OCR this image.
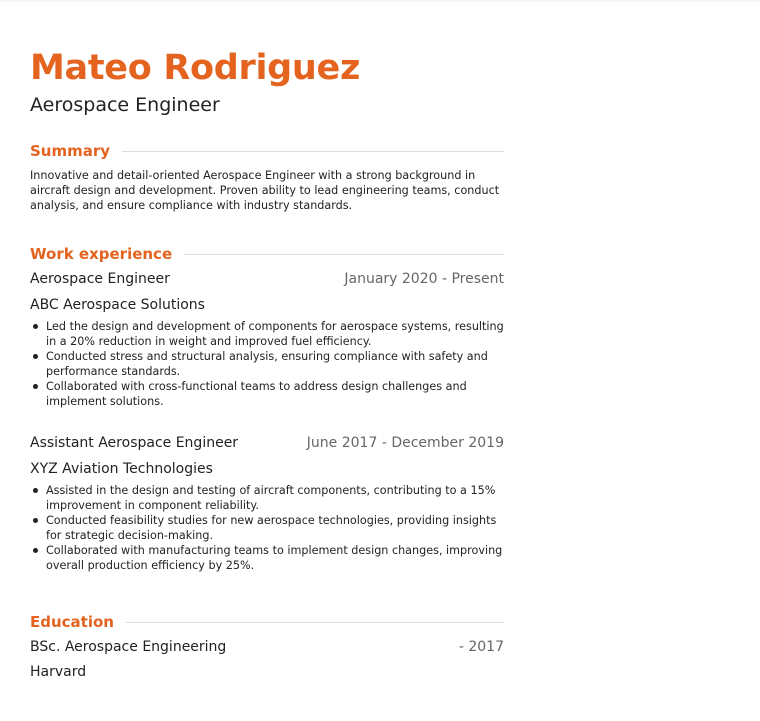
Mateo Rodriguez
Aerospace Engineer
Summary
Innovative and detail-oriented Aerospace Engineer with a strong background in aircraft design and development. Proven ability to lead engineering teams, conduct analysis, and ensure compliance with industry standards.
Work experience
Aerospace Engineer	January 2020 - Present
ABC Aerospace Solutions
Led the design and development of components for aerospace systems, resulting in a 20% reduction in weight and improved fuel efficiency.
Conducted stress and structural analysis, ensuring compliance with safety and performance standards.
Collaborated with cross-functional teams to address design challenges and implement solutions.
Assistant Aerospace Engineer	June 2017 - December 2019
XYZ Aviation Technologies
Assisted in the design and testing of aircraft components, contributing to a 15% improvement in component reliability.
Conducted feasibility studies for new aerospace technologies, providing insights for strategic decision-making.
Collaborated with manufacturing teams to implement design changes, improving overall production efficiency by 25%.
Education
BSc. Aerospace Engineering	- 2017
Harvard
